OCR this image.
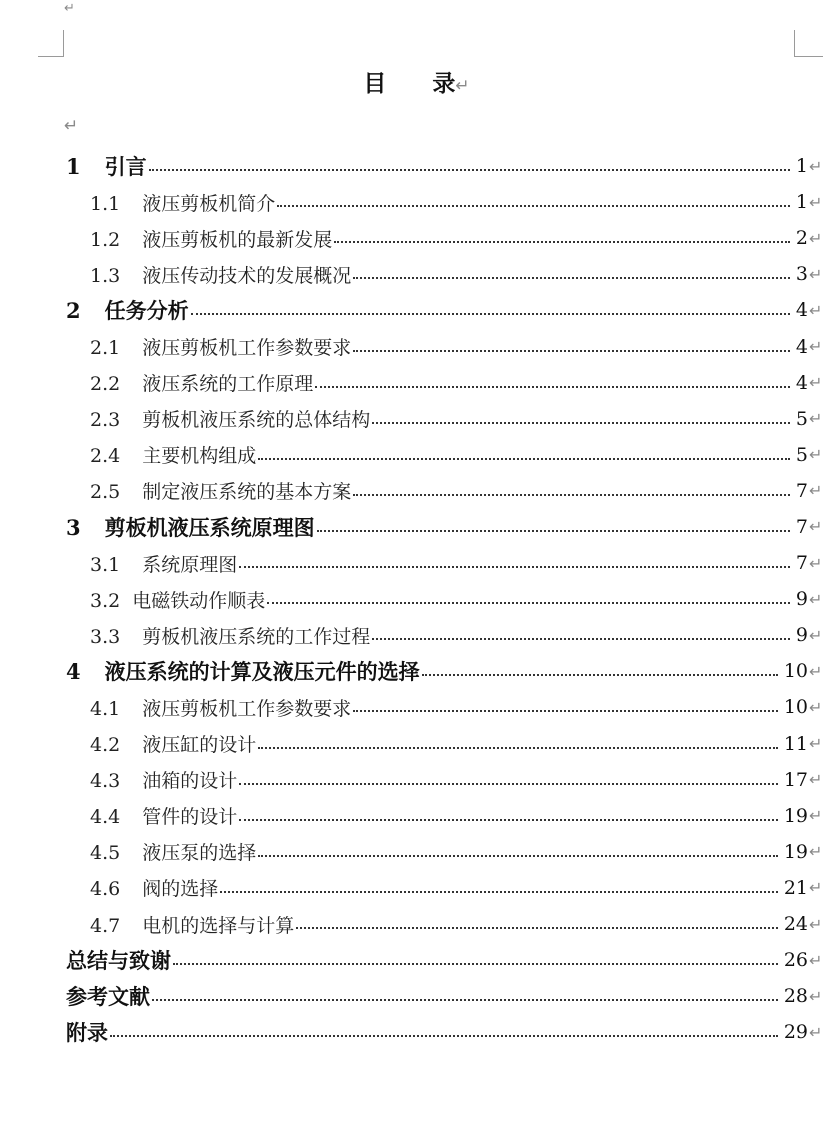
↵
目　　录↵
↵
1 引言	1 ↵
1.1 液压剪板机简介	1 ↵
1.2 液压剪板机的最新发展	2 ↵
1.3 液压传动技术的发展概况	3 ↵
2 任务分析	4 ↵
2.1 液压剪板机工作参数要求	4 ↵
2.2 液压系统的工作原理	4 ↵
2.3 剪板机液压系统的总体结构	5 ↵
2.4 主要机构组成	5 ↵
2.5 制定液压系统的基本方案	7 ↵
3 剪板机液压系统原理图	7 ↵
3.1 系统原理图	7 ↵
3.2 电磁铁动作顺表	9 ↵
3.3 剪板机液压系统的工作过程	9 ↵
4 液压系统的计算及液压元件的选择	10 ↵
4.1 液压剪板机工作参数要求	10 ↵
4.2 液压缸的设计	11 ↵
4.3 油箱的设计	17 ↵
4.4 管件的设计	19 ↵
4.5 液压泵的选择	19 ↵
4.6 阀的选择	21 ↵
4.7 电机的选择与计算	24 ↵
总结与致谢	26 ↵
参考文献	28 ↵
附录	29 ↵
